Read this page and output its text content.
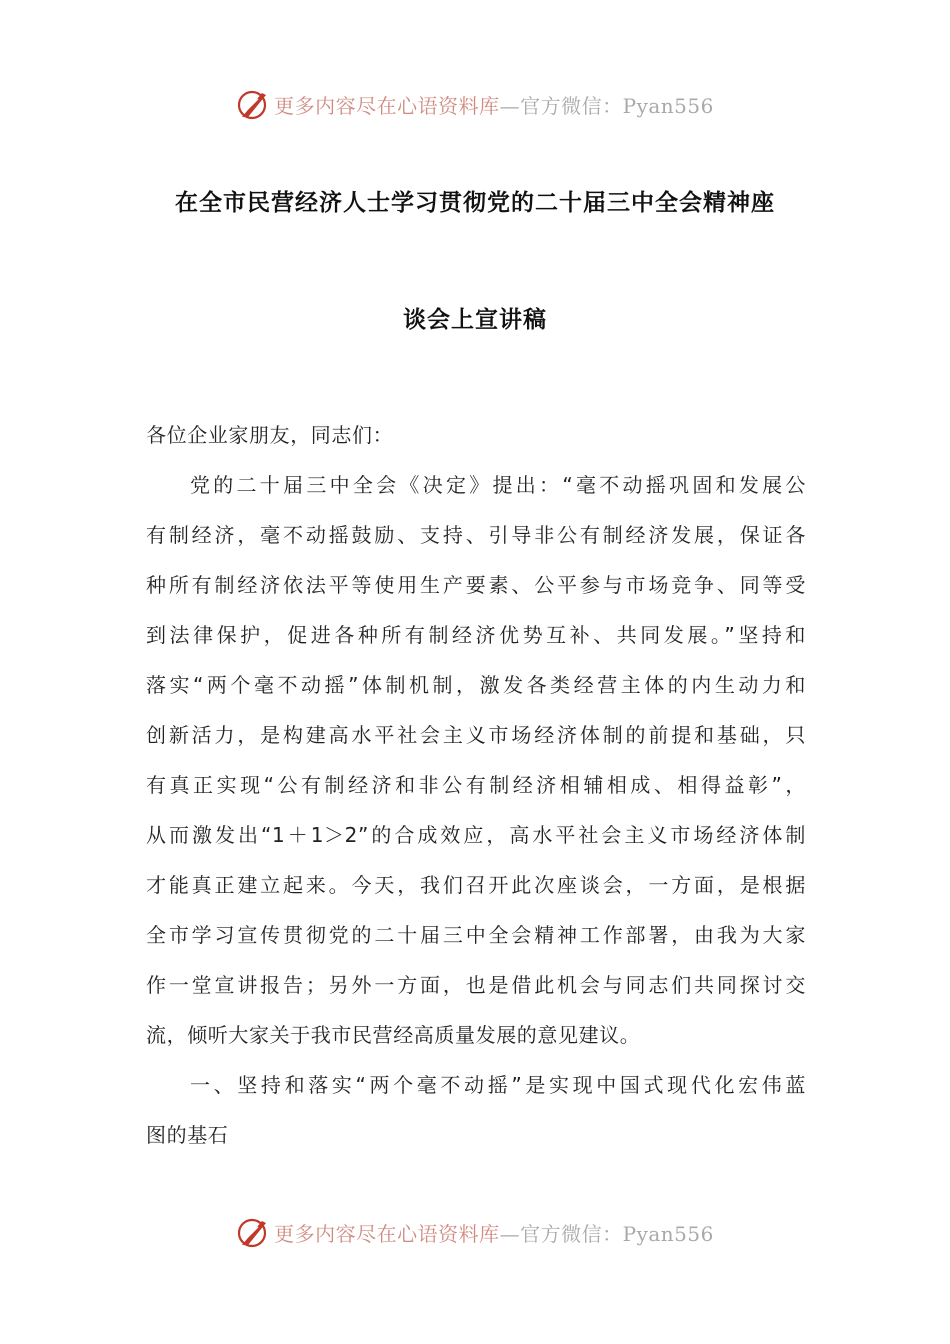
更多内容尽在心语资料库—官方微信：Pyan556
在全市民营经济人士学习贯彻党的二十届三中全会精神座
谈会上宣讲稿
各位企业家朋友，同志们：
党的二十届三中全会《决定》提出：“毫不动摇巩固和发展公
有制经济，毫不动摇鼓励、支持、引导非公有制经济发展，保证各
种所有制经济依法平等使用生产要素、公平参与市场竞争、同等受
到法律保护，促进各种所有制经济优势互补、共同发展。”坚持和
落实“两个毫不动摇”体制机制，激发各类经营主体的内生动力和
创新活力，是构建高水平社会主义市场经济体制的前提和基础，只
有真正实现“公有制经济和非公有制经济相辅相成、相得益彰”，
从而激发出“1＋1＞2”的合成效应，高水平社会主义市场经济体制
才能真正建立起来。今天，我们召开此次座谈会，一方面，是根据
全市学习宣传贯彻党的二十届三中全会精神工作部署，由我为大家
作一堂宣讲报告；另外一方面，也是借此机会与同志们共同探讨交
流，倾听大家关于我市民营经高质量发展的意见建议。
一、坚持和落实“两个毫不动摇”是实现中国式现代化宏伟蓝
图的基石
更多内容尽在心语资料库—官方微信：Pyan556
